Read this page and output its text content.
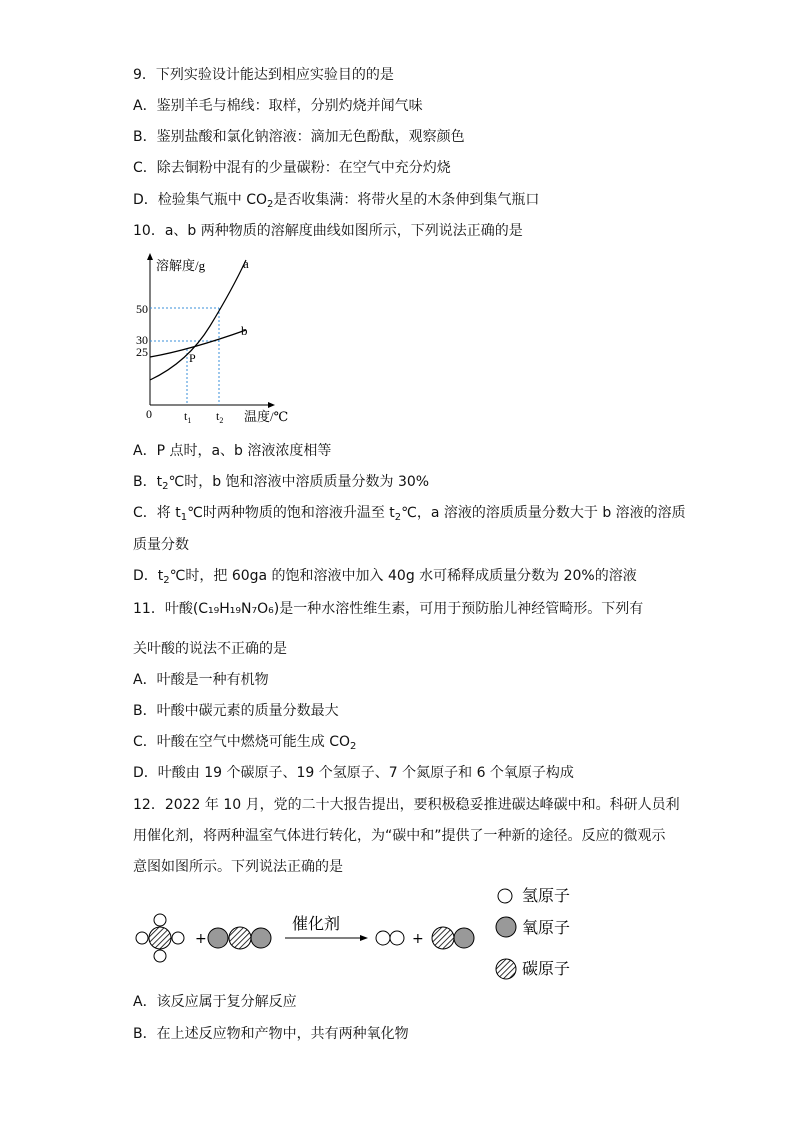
9．下列实验设计能达到相应实验目的的是
A．鉴别羊毛与棉线：取样，分别灼烧并闻气味
B．鉴别盐酸和氯化钠溶液：滴加无色酚酞，观察颜色
C．除去铜粉中混有的少量碳粉：在空气中充分灼烧
D．检验集气瓶中 $CO_2$是否收集满：将带火星的木条伸到集气瓶口
10．a、b 两种物质的溶解度曲线如图所示，下列说法正确的是
溶解度/g	a
b
50
30
25	P
0	$t_1$ $t_2$ 温度/℃
A．P 点时，a、b 溶液浓度相等
B．$t_2℃$时，b 饱和溶液中溶质质量分数为 30%
C．将 $t_1℃$时两种物质的饱和溶液升温至 $t_2℃$，a 溶液的溶质质量分数大于 b 溶液的溶质
质量分数
D．$t_2℃$时，把 60ga 的饱和溶液中加入 40g 水可稀释成质量分数为 20%的溶液
11．叶酸(C₁₉H₁₉N₇O₆)是一种水溶性维生素，可用于预防胎儿神经管畸形。下列有
关叶酸的说法不正确的是
A．叶酸是一种有机物
B．叶酸中碳元素的质量分数最大
C．叶酸在空气中燃烧可能生成 $CO_2$
D．叶酸由 19 个碳原子、19 个氢原子、7 个氮原子和 6 个氧原子构成
12．2022 年 10 月，党的二十大报告提出，要积极稳妥推进碳达峰碳中和。科研人员利
用催化剂，将两种温室气体进行转化，为“碳中和”提供了一种新的途径。反应的微观示
意图如图所示。下列说法正确的是
+
催化剂
+
氢原子
氧原子
碳原子
A．该反应属于复分解反应
B．在上述反应物和产物中，共有两种氧化物
